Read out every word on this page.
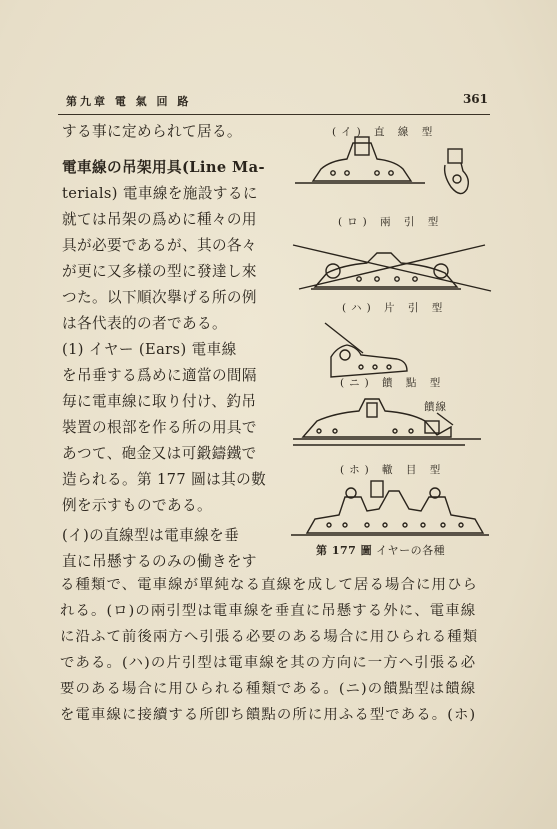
第九章 電 氣 回 路	361
する事に定められて居る。
電車線の吊架用具(Line Ma-
terials) 電車線を施設するに
就ては吊架の爲めに種々の用
具が必要であるが、其の各々
が更に又多樣の型に發達し來
つた。以下順次擧げる所の例
は各代表的の者である。
(1) イヤー (Ears) 電車線
を吊垂する爲めに適當の間隔
毎に電車線に取り付け、釣吊
裝置の根部を作る所の用具で
あつて、砲金又は可鍛鑄鐵で
造られる。第 177 圖は其の數
例を示すものである。
(イ)の直線型は電車線を垂
直に吊懸するのみの働きをす
(イ) 直 線 型
(ロ) 兩 引 型
(ハ) 片 引 型
(ニ) 饋 點 型
饋線
(ホ) 轍 目 型
第 177 圖 イヤーの各種
る種類で、電車線が單純なる直線を成して居る場合に用ひら
れる。(ロ)の兩引型は電車線を垂直に吊懸する外に、電車線
に沿ふて前後兩方へ引張る必要のある場合に用ひられる種類
である。(ハ)の片引型は電車線を其の方向に一方へ引張る必
要のある場合に用ひられる種類である。(ニ)の饋點型は饋線
を電車線に接續する所卽ち饋點の所に用ふる型である。(ホ)
